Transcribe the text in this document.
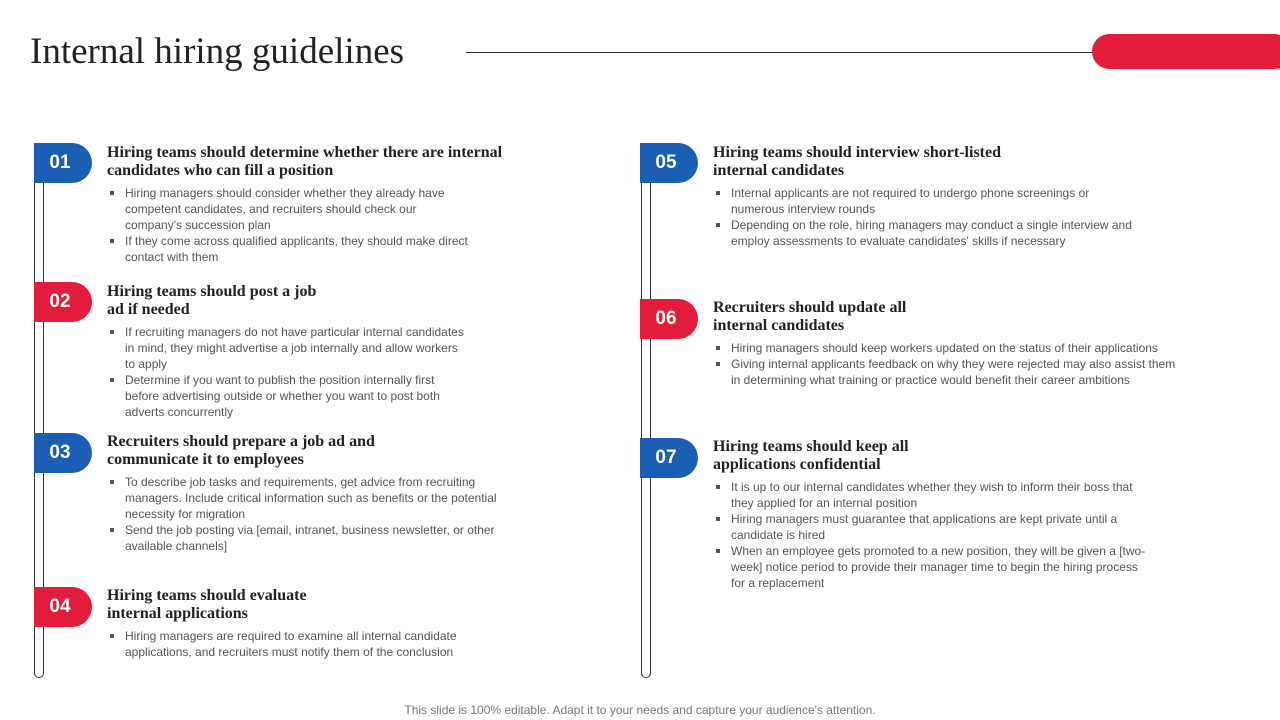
Internal hiring guidelines
01	Hiring teams should determine whether there are internal
candidates who can fill a position
Hiring managers should consider whether they already have
competent candidates, and recruiters should check our
company's succession plan
If they come across qualified applicants, they should make direct
contact with them
02	Hiring teams should post a job
ad if needed
If recruiting managers do not have particular internal candidates
in mind, they might advertise a job internally and allow workers
to apply
Determine if you want to publish the position internally first
before advertising outside or whether you want to post both
adverts concurrently
03
Recruiters should prepare a job ad and
communicate it to employees
To describe job tasks and requirements, get advice from recruiting
managers. Include critical information such as benefits or the potential
necessity for migration
Send the job posting via [email, intranet, business newsletter, or other
available channels]
04
Hiring teams should evaluate
internal applications
Hiring managers are required to examine all internal candidate
applications, and recruiters must notify them of the conclusion
05	Hiring teams should interview short-listed
internal candidates
Internal applicants are not required to undergo phone screenings or
numerous interview rounds
Depending on the role, hiring managers may conduct a single interview and
employ assessments to evaluate candidates' skills if necessary
06
Recruiters should update all
internal candidates
Hiring managers should keep workers updated on the status of their applications
Giving internal applicants feedback on why they were rejected may also assist them
in determining what training or practice would benefit their career ambitions
07
Hiring teams should keep all
applications confidential
It is up to our internal candidates whether they wish to inform their boss that
they applied for an internal position
Hiring managers must guarantee that applications are kept private until a
candidate is hired
When an employee gets promoted to a new position, they will be given a [two-
week] notice period to provide their manager time to begin the hiring process
for a replacement
This slide is 100% editable. Adapt it to your needs and capture your audience's attention.
